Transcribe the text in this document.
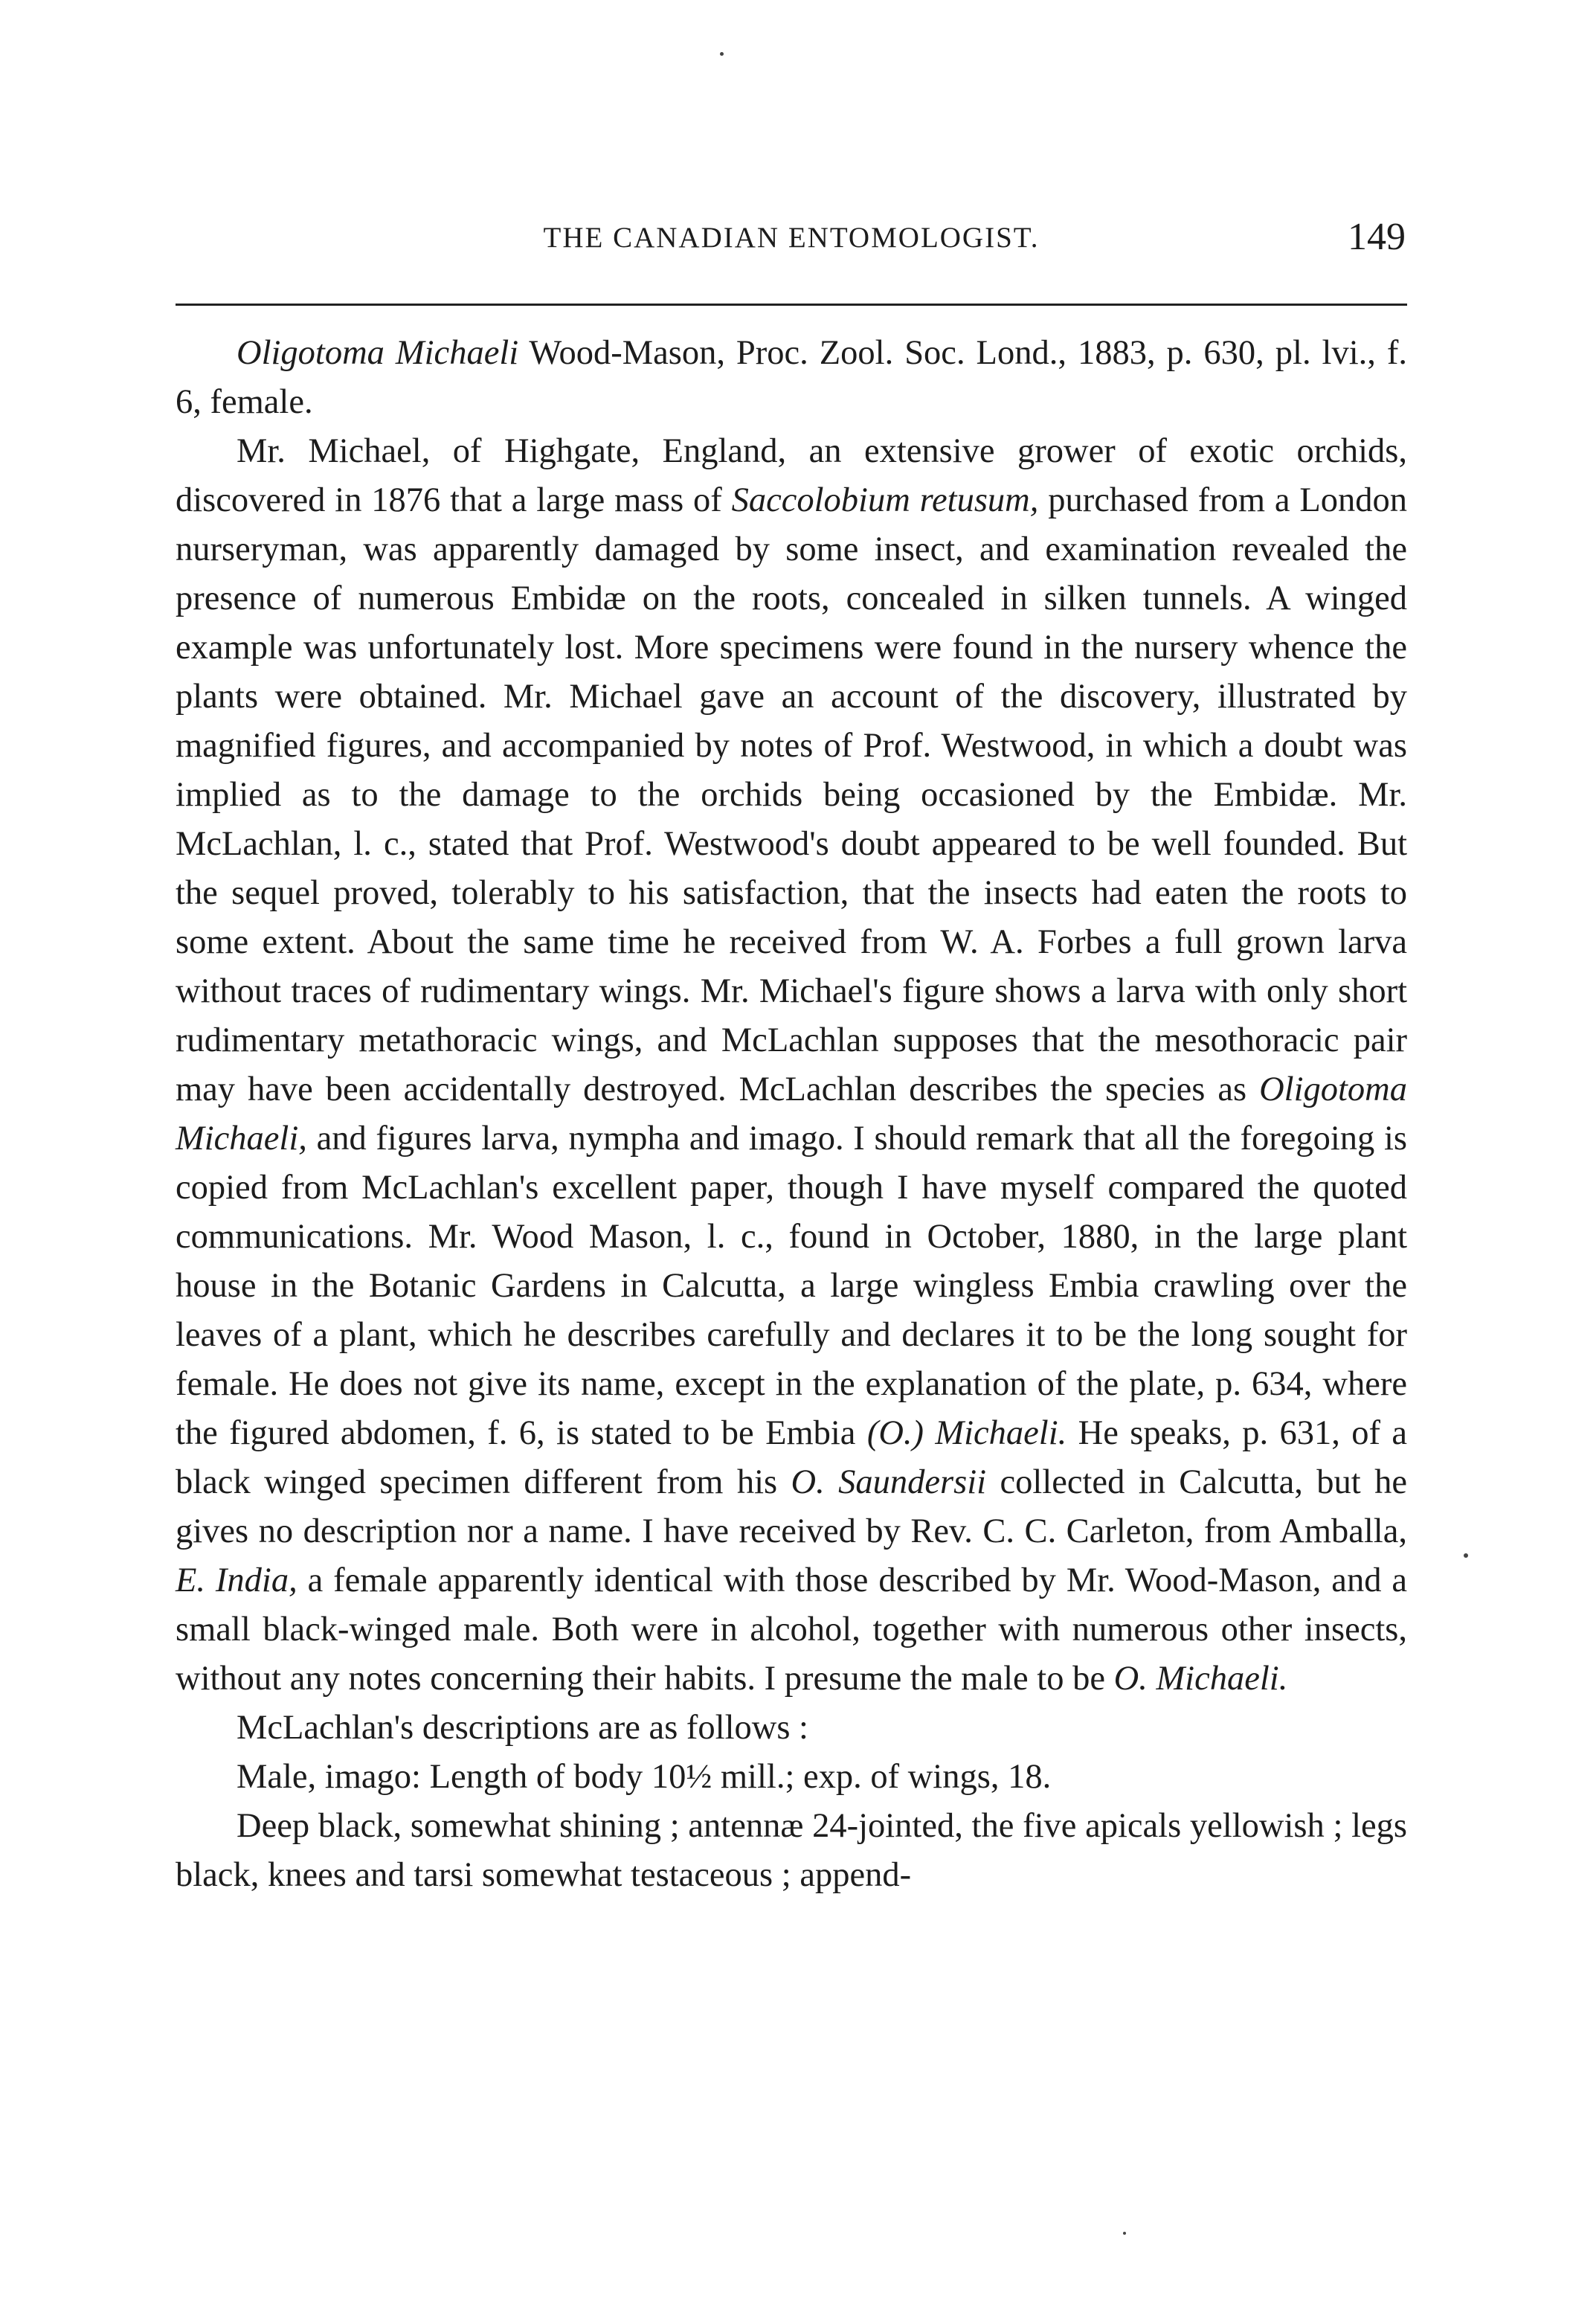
THE CANADIAN ENTOMOLOGIST.	149

Oligotoma Michaeli Wood-Mason, Proc. Zool. Soc. Lond., 1883, p. 630, pl. lvi., f. 6, female.

Mr. Michael, of Highgate, England, an extensive grower of exotic orchids, discovered in 1876 that a large mass of Saccolobium retusum, purchased from a London nurseryman, was apparently damaged by some insect, and examination revealed the presence of numerous Embidæ on the roots, concealed in silken tunnels. A winged example was unfortunately lost. More specimens were found in the nursery whence the plants were obtained. Mr. Michael gave an account of the discovery, illustrated by magnified figures, and accompanied by notes of Prof. Westwood, in which a doubt was implied as to the damage to the orchids being occasioned by the Embidæ. Mr. McLachlan, l. c., stated that Prof. Westwood's doubt appeared to be well founded. But the sequel proved, tolerably to his satisfaction, that the insects had eaten the roots to some extent. About the same time he received from W. A. Forbes a full grown larva without traces of rudimentary wings. Mr. Michael's figure shows a larva with only short rudimentary metathoracic wings, and McLachlan supposes that the mesothoracic pair may have been accidentally destroyed. McLachlan describes the species as Oligotoma Michaeli, and figures larva, nympha and imago. I should remark that all the foregoing is copied from McLachlan's excellent paper, though I have myself compared the quoted communications. Mr. Wood Mason, l. c., found in October, 1880, in the large plant house in the Botanic Gardens in Calcutta, a large wingless Embia crawling over the leaves of a plant, which he describes carefully and declares it to be the long sought for female. He does not give its name, except in the explanation of the plate, p. 634, where the figured abdomen, f. 6, is stated to be Embia (O.) Michaeli. He speaks, p. 631, of a black winged specimen different from his O. Saundersii collected in Calcutta, but he gives no description nor a name. I have received by Rev. C. C. Carleton, from Amballa, E. India, a female apparently identical with those described by Mr. Wood-Mason, and a small black-winged male. Both were in alcohol, together with numerous other insects, without any notes concerning their habits. I presume the male to be O. Michaeli.

McLachlan's descriptions are as follows :

Male, imago: Length of body 10½ mill.; exp. of wings, 18.

Deep black, somewhat shining ; antennæ 24-jointed, the five apicals yellowish ; legs black, knees and tarsi somewhat testaceous ; append-
